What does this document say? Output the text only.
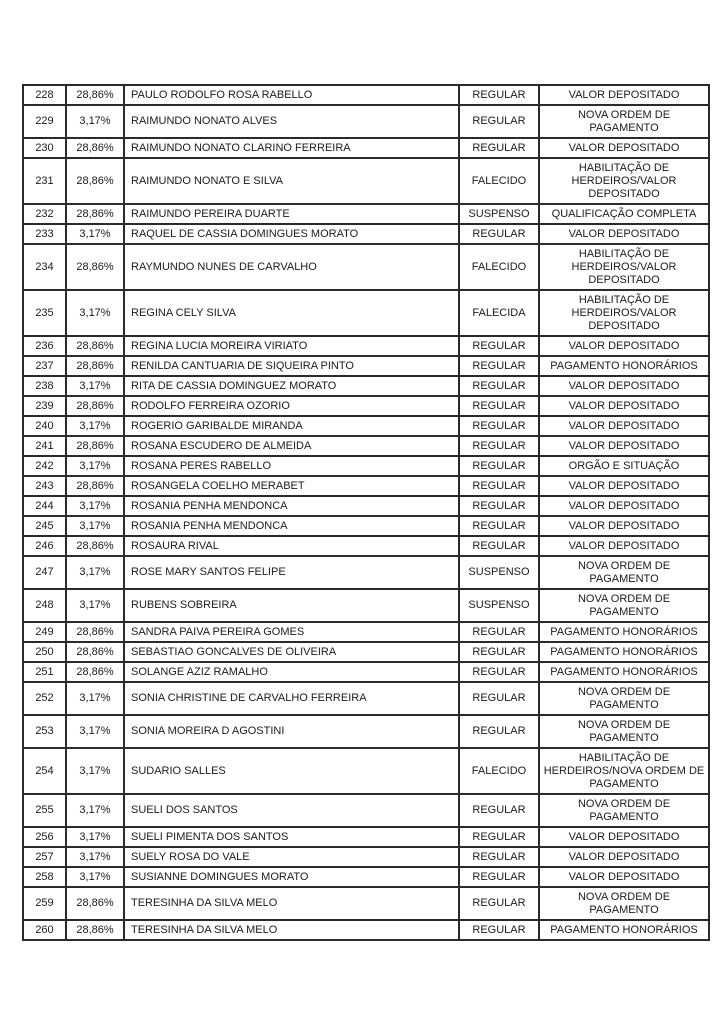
228	28,86%	PAULO RODOLFO ROSA RABELLO	REGULAR	VALOR DEPOSITADO
229	3,17%	RAIMUNDO NONATO ALVES	REGULAR	NOVA ORDEM DE PAGAMENTO
230	28,86%	RAIMUNDO NONATO CLARINO FERREIRA	REGULAR	VALOR DEPOSITADO
231	28,86%	RAIMUNDO NONATO E SILVA	FALECIDO	HABILITAÇÃO DE HERDEIROS/VALOR DEPOSITADO
232	28,86%	RAIMUNDO PEREIRA DUARTE	SUSPENSO	QUALIFICAÇÃO COMPLETA
233	3,17%	RAQUEL DE CASSIA DOMINGUES MORATO	REGULAR	VALOR DEPOSITADO
234	28,86%	RAYMUNDO NUNES DE CARVALHO	FALECIDO	HABILITAÇÃO DE HERDEIROS/VALOR DEPOSITADO
235	3,17%	REGINA CELY SILVA	FALECIDA	HABILITAÇÃO DE HERDEIROS/VALOR DEPOSITADO
236	28,86%	REGINA LUCIA MOREIRA VIRIATO	REGULAR	VALOR DEPOSITADO
237	28,86%	RENILDA CANTUARIA DE SIQUEIRA PINTO	REGULAR	PAGAMENTO HONORÁRIOS
238	3,17%	RITA DE CASSIA DOMINGUEZ MORATO	REGULAR	VALOR DEPOSITADO
239	28,86%	RODOLFO FERREIRA OZORIO	REGULAR	VALOR DEPOSITADO
240	3,17%	ROGERIO GARIBALDE MIRANDA	REGULAR	VALOR DEPOSITADO
241	28,86%	ROSANA ESCUDERO DE ALMEIDA	REGULAR	VALOR DEPOSITADO
242	3,17%	ROSANA PERES RABELLO	REGULAR	ORGÃO E SITUAÇÃO
243	28,86%	ROSANGELA COELHO MERABET	REGULAR	VALOR DEPOSITADO
244	3,17%	ROSANIA PENHA MENDONCA	REGULAR	VALOR DEPOSITADO
245	3,17%	ROSANIA PENHA MENDONCA	REGULAR	VALOR DEPOSITADO
246	28,86%	ROSAURA RIVAL	REGULAR	VALOR DEPOSITADO
247	3,17%	ROSE MARY SANTOS FELIPE	SUSPENSO	NOVA ORDEM DE PAGAMENTO
248	3,17%	RUBENS SOBREIRA	SUSPENSO	NOVA ORDEM DE PAGAMENTO
249	28,86%	SANDRA PAIVA PEREIRA GOMES	REGULAR	PAGAMENTO HONORÁRIOS
250	28,86%	SEBASTIAO GONCALVES DE OLIVEIRA	REGULAR	PAGAMENTO HONORÁRIOS
251	28,86%	SOLANGE AZIZ RAMALHO	REGULAR	PAGAMENTO HONORÁRIOS
252	3,17%	SONIA CHRISTINE DE CARVALHO FERREIRA	REGULAR	NOVA ORDEM DE PAGAMENTO
253	3,17%	SONIA MOREIRA D AGOSTINI	REGULAR	NOVA ORDEM DE PAGAMENTO
254	3,17%	SUDARIO SALLES	FALECIDO	HABILITAÇÃO DE HERDEIROS/NOVA ORDEM DE PAGAMENTO
255	3,17%	SUELI DOS SANTOS	REGULAR	NOVA ORDEM DE PAGAMENTO
256	3,17%	SUELI PIMENTA DOS SANTOS	REGULAR	VALOR DEPOSITADO
257	3,17%	SUELY ROSA DO VALE	REGULAR	VALOR DEPOSITADO
258	3,17%	SUSIANNE DOMINGUES MORATO	REGULAR	VALOR DEPOSITADO
259	28,86%	TERESINHA DA SILVA MELO	REGULAR	NOVA ORDEM DE PAGAMENTO
260	28,86%	TERESINHA DA SILVA MELO	REGULAR	PAGAMENTO HONORÁRIOS
